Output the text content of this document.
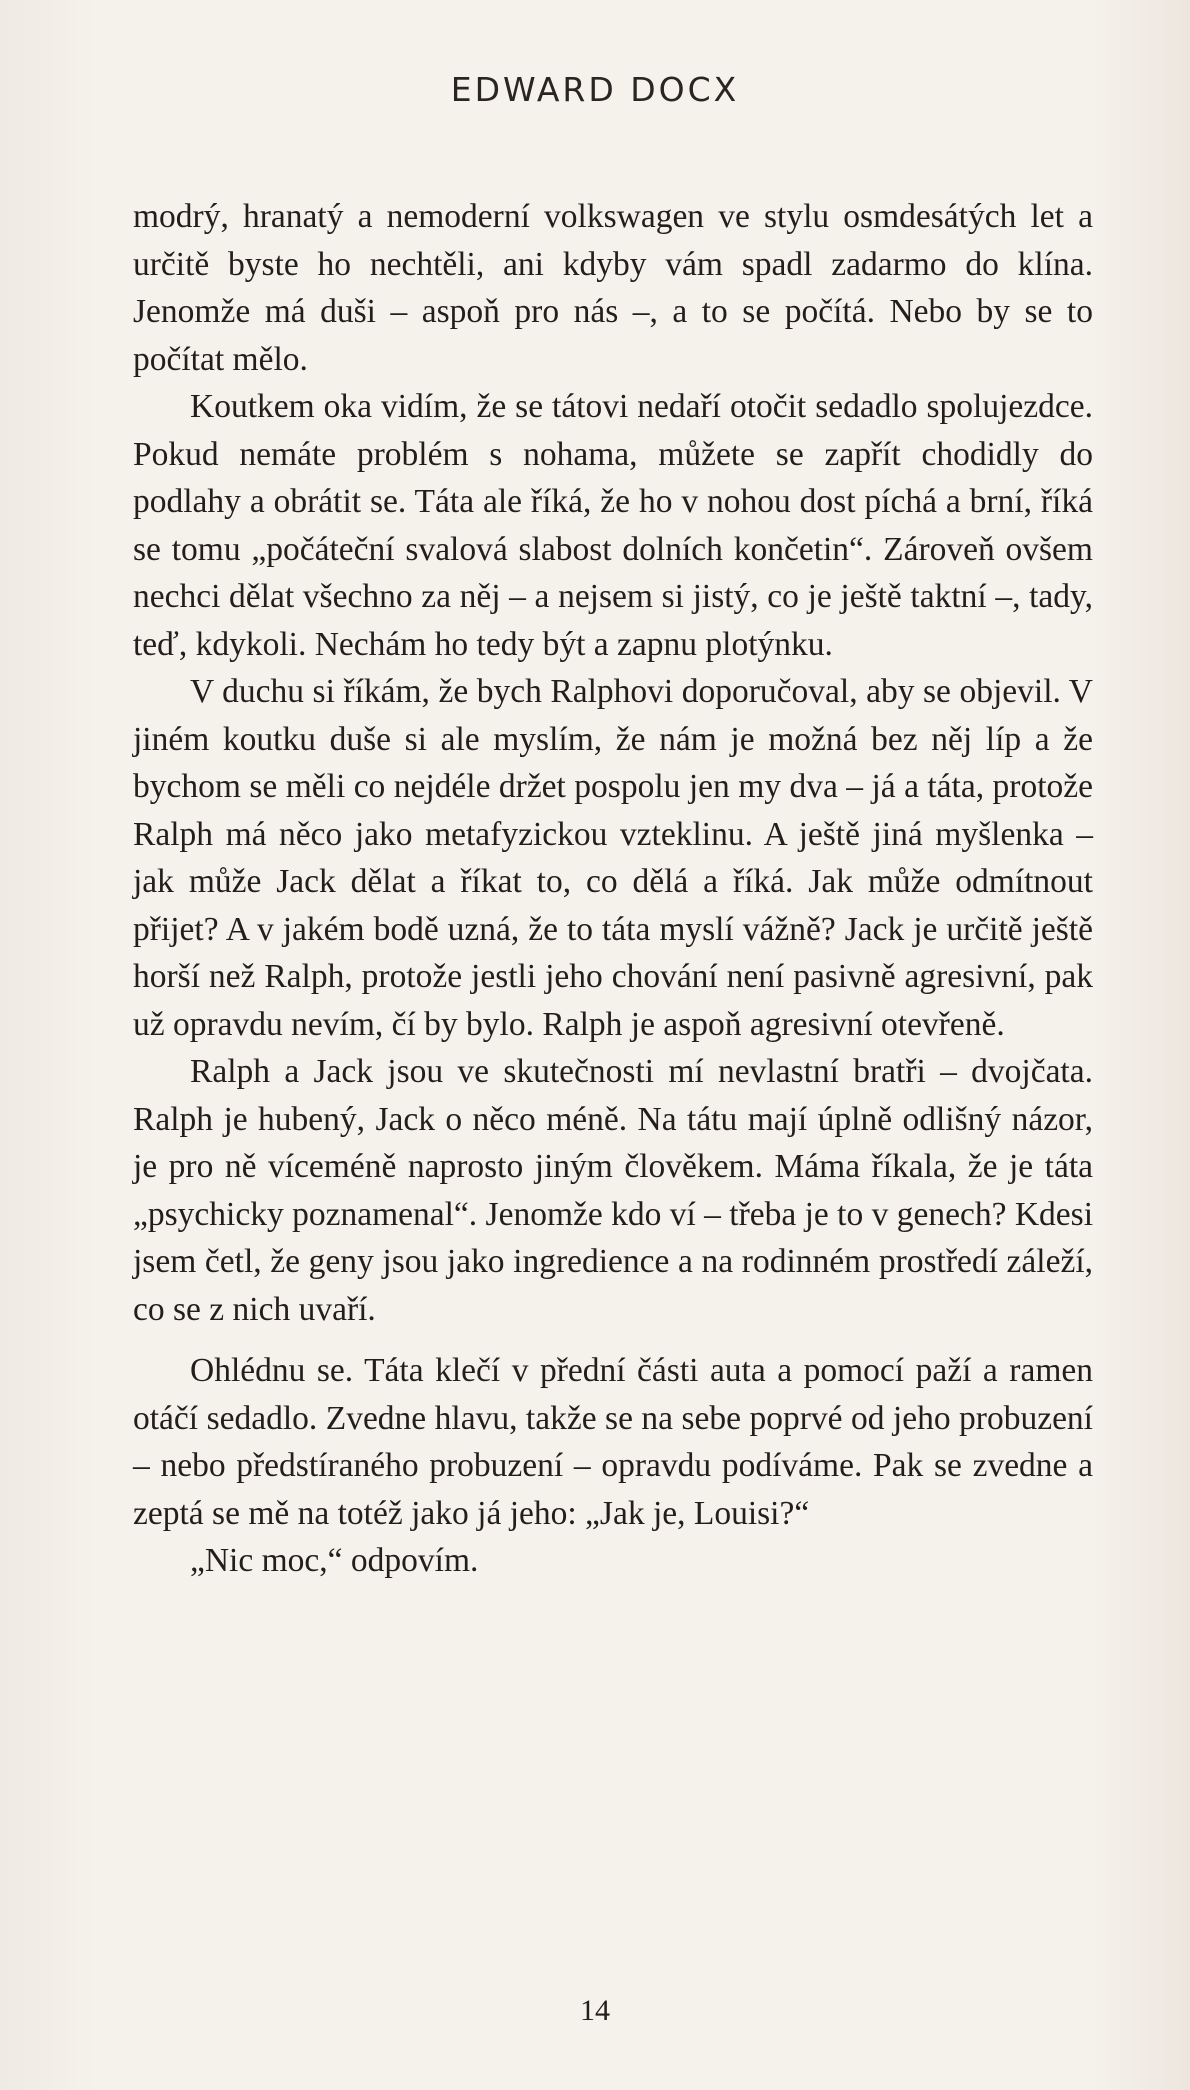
EDWARD DOCX

modrý, hranatý a nemoderní volkswagen ve stylu osmdesátých let a určitě byste ho nechtěli, ani kdyby vám spadl zadarmo do klína. Jenomže má duši – aspoň pro nás –, a to se počítá. Nebo by se to počítat mělo.

Koutkem oka vidím, že se tátovi nedaří otočit sedadlo spolujezdce. Pokud nemáte problém s nohama, můžete se zapřít chodidly do podlahy a obrátit se. Táta ale říká, že ho v nohou dost píchá a brní, říká se tomu „počáteční svalová slabost dolních končetin“. Zároveň ovšem nechci dělat všechno za něj – a nejsem si jistý, co je ještě taktní –, tady, teď, kdykoli. Nechám ho tedy být a zapnu plotýnku.

V duchu si říkám, že bych Ralphovi doporučoval, aby se objevil. V jiném koutku duše si ale myslím, že nám je možná bez něj líp a že bychom se měli co nejdéle držet pospolu jen my dva – já a táta, protože Ralph má něco jako metafyzickou vzteklinu. A ještě jiná myšlenka – jak může Jack dělat a říkat to, co dělá a říká. Jak může odmítnout přijet? A v jakém bodě uzná, že to táta myslí vážně? Jack je určitě ještě horší než Ralph, protože jestli jeho chování není pasivně agresivní, pak už opravdu nevím, čí by bylo. Ralph je aspoň agresivní otevřeně.

Ralph a Jack jsou ve skutečnosti mí nevlastní bratři – dvojčata. Ralph je hubený, Jack o něco méně. Na tátu mají úplně odlišný názor, je pro ně víceméně naprosto jiným člověkem. Máma říkala, že je táta „psychicky poznamenal“. Jenomže kdo ví – třeba je to v genech? Kdesi jsem četl, že geny jsou jako ingredience a na rodinném prostředí záleží, co se z nich uvaří.

Ohlédnu se. Táta klečí v přední části auta a pomocí paží a ramen otáčí sedadlo. Zvedne hlavu, takže se na sebe poprvé od jeho probuzení – nebo předstíraného probuzení – opravdu podíváme. Pak se zvedne a zeptá se mě na totéž jako já jeho: „Jak je, Louisi?“

„Nic moc,“ odpovím.

14
